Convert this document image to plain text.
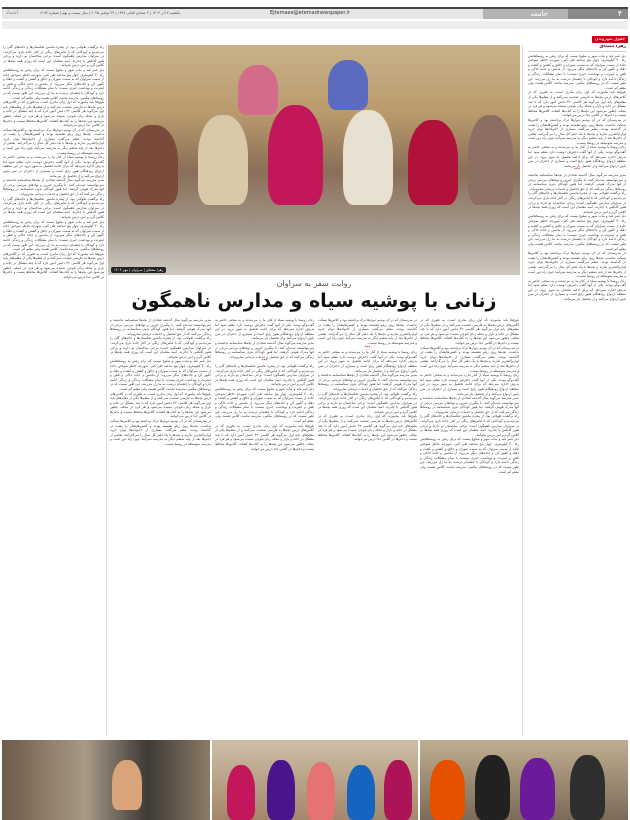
۴
جامعه
Ejtemaee@etemadnewspaper.ir
یکشنبه ۲ آذر ۱۴۰۴ | ۲ جمادی الثانی ۱۴۴۷ | ۲۳ نوامبر ۲۰۲۵ | سال بیست و نهم | شماره ۶۱۹۲
اعتماد
حقوق شهروندی
زهرا مشتاق

دبل قمر قند و نبات شهر و شلوغ نیست که برای رفتن به روستاهایش راه ۳۰ کیلومتری، چهار پنج ساعته طی کنی. شهرچه خاطر سوختن جاده از سمت سراوان که به سمت سوران و جالق و کشتن و کشت و دهک و کلپور کن و جاده‌های دیگر می‌رود. از ماشین و جاده خاکی و تلفن و اینترنت و بهداشت خبری نیست؛ با تمام مشکلات زندگی و زندگی ادامه دارد و کودکان با چشمان درشت به ما زل می‌زنند. این طور نیست که در روستاهای مکتبی، مدرسه نباشد، کلاس هست ولی معلم کم است.

بلوچ‌ها باید بیاموزند که اول زبان مادری است، به طوری که در کلاس‌های درس بچه‌ها به فارسی صحبت نمی‌کنند و از معلم‌ها یکی از معلم‌های پایه اول می‌گوید هر کلاسی ۳۲ دانش آموز دارد که با چند مشکل در خانه و بازار و محله زبان بلوچی شنیده می‌شود و هر فرد در محله، چطور می‌شود این بچه‌ها را به کتاب‌ها کشاند. کلاس‌ها مختلط نیست و دخترها در کلاس جدا درس می‌خوانند.

در مدرسه‌ای که در آن بودیم دیوارها ترک برداشته بود و کلاس‌ها نیمکت نداشت. بچه‌ها روی زیلو نشسته بودند و کفش‌هایشان را پشت در گذاشته بودند. معلم می‌گفت بسیاری از خانواده‌ها توان خرید لوازم‌التحریر ندارند و بچه‌ها با یک دفتر کل سال را می‌گذرانند. بعضی از دخترها بعد از پایه ششم دیگر به مدرسه نمی‌آیند چون راه دور است و مدرسه متوسطه در روستا نیست.

زنان روستا با پوشیه سیاه از کنار ما رد می‌شدند و به سختی حاضر به گفت‌وگو بودند. یکی از آنها گفت دخترش دوست دارد معلم شود اما پدرش اجازه نمی‌دهد که برای ادامه تحصیل به شهر برود. در این منطقه ازدواج زودهنگام هنوز رایج است و بسیاری از دختران در سن پایین ازدواج می‌کنند و از تحصیل باز می‌مانند.

***

مدیر مدرسه می‌گوید سال گذشته تعدادی از بچه‌ها شناسنامه نداشتند و نمی‌توانستند ثبت‌نام کنند. با پیگیری خیرین و نهادهای مردمی برخی از آنها مدرک هویتی گرفتند. اما هنوز کودکان بدون شناسنامه در روستاها زندگی می‌کنند که از حق تحصیل و خدمات درمانی محروم‌اند.

راه برگشت طولانی بود. از پنجره ماشین نخلستان‌ها و خانه‌های گلی را می‌دیدیم و کودکانی که با لباس‌های رنگی در کنار جاده بازی می‌کردند. در سراوان مدارس ناهمگون است؛ برخی ساختمان نو دارند و برخی هنوز کانکس یا چادرند. امید معلمان این است که روزی همه بچه‌ها در کلاس گرم و امن درس بخوانند.

دبل قمر قند و نبات شهر و شلوغ نیست که برای رفتن به روستاهایش راه ۳۰ کیلومتری، چهار پنج ساعته طی کنی. شهرچه خاطر سوختن جاده از سمت سراوان که به سمت سوران و جالق و کشتن و کشت و دهک و کلپور کن و جاده‌های دیگر می‌رود. از ماشین و جاده خاکی و تلفن و اینترنت و بهداشت خبری نیست؛ با تمام مشکلات زندگی و زندگی ادامه دارد و کودکان با چشمان درشت به ما زل می‌زنند. این طور نیست که در روستاهای مکتبی، مدرسه نباشد، کلاس هست ولی معلم کم است.

در مدرسه‌ای که در آن بودیم دیوارها ترک برداشته بود و کلاس‌ها نیمکت نداشت. بچه‌ها روی زیلو نشسته بودند و کفش‌هایشان را پشت در گذاشته بودند. معلم می‌گفت بسیاری از خانواده‌ها توان خرید لوازم‌التحریر ندارند و بچه‌ها با یک دفتر کل سال را می‌گذرانند. بعضی از دخترها بعد از پایه ششم دیگر به مدرسه نمی‌آیند چون راه دور است و مدرسه متوسطه در روستا نیست.

زنان روستا با پوشیه سیاه از کنار ما رد می‌شدند و به سختی حاضر به گفت‌وگو بودند. یکی از آنها گفت دخترش دوست دارد معلم شود اما پدرش اجازه نمی‌دهد که برای ادامه تحصیل به شهر برود. در این منطقه ازدواج زودهنگام هنوز رایج است و بسیاری از دختران در سن پایین ازدواج می‌کنند و از تحصیل باز می‌مانند.

زهرا مشتاق | سراوان | مهر ۱۴۰۴
روایت سفر به سراوان
زنانی با پوشیه سیاه و مدارس ناهمگون

بلوچ‌ها باید بیاموزند که اول زبان مادری است، به طوری که در کلاس‌های درس بچه‌ها به فارسی صحبت نمی‌کنند و از معلم‌ها یکی از معلم‌های پایه اول می‌گوید هر کلاسی ۳۲ دانش آموز دارد که با چند مشکل در خانه و بازار و محله زبان بلوچی شنیده می‌شود و هر فرد در محله، چطور می‌شود این بچه‌ها را به کتاب‌ها کشاند. کلاس‌ها مختلط نیست و دخترها در کلاس جدا درس می‌خوانند.

در مدرسه‌ای که در آن بودیم دیوارها ترک برداشته بود و کلاس‌ها نیمکت نداشت. بچه‌ها روی زیلو نشسته بودند و کفش‌هایشان را پشت در گذاشته بودند. معلم می‌گفت بسیاری از خانواده‌ها توان خرید لوازم‌التحریر ندارند و بچه‌ها با یک دفتر کل سال را می‌گذرانند. بعضی از دخترها بعد از پایه ششم دیگر به مدرسه نمی‌آیند چون راه دور است و مدرسه متوسطه در روستا نیست.

زنان روستا با پوشیه سیاه از کنار ما رد می‌شدند و به سختی حاضر به گفت‌وگو بودند. یکی از آنها گفت دخترش دوست دارد معلم شود اما پدرش اجازه نمی‌دهد که برای ادامه تحصیل به شهر برود. در این منطقه ازدواج زودهنگام هنوز رایج است و بسیاری از دختران در سن پایین ازدواج می‌کنند و از تحصیل باز می‌مانند.

مدیر مدرسه می‌گوید سال گذشته تعدادی از بچه‌ها شناسنامه نداشتند و نمی‌توانستند ثبت‌نام کنند. با پیگیری خیرین و نهادهای مردمی برخی از آنها مدرک هویتی گرفتند. اما هنوز کودکان بدون شناسنامه در روستاها زندگی می‌کنند که از حق تحصیل و خدمات درمانی محروم‌اند.

راه برگشت طولانی بود. از پنجره ماشین نخلستان‌ها و خانه‌های گلی را می‌دیدیم و کودکانی که با لباس‌های رنگی در کنار جاده بازی می‌کردند. در سراوان مدارس ناهمگون است؛ برخی ساختمان نو دارند و برخی هنوز کانکس یا چادرند. امید معلمان این است که روزی همه بچه‌ها در کلاس گرم و امن درس بخوانند.

دبل قمر قند و نبات شهر و شلوغ نیست که برای رفتن به روستاهایش راه ۳۰ کیلومتری، چهار پنج ساعته طی کنی. شهرچه خاطر سوختن جاده از سمت سراوان که به سمت سوران و جالق و کشتن و کشت و دهک و کلپور کن و جاده‌های دیگر می‌رود. از ماشین و جاده خاکی و تلفن و اینترنت و بهداشت خبری نیست؛ با تمام مشکلات زندگی و زندگی ادامه دارد و کودکان با چشمان درشت به ما زل می‌زنند. این طور نیست که در روستاهای مکتبی، مدرسه نباشد، کلاس هست ولی معلم کم است.

در مدرسه‌ای که در آن بودیم دیوارها ترک برداشته بود و کلاس‌ها نیمکت نداشت. بچه‌ها روی زیلو نشسته بودند و کفش‌هایشان را پشت در گذاشته بودند. معلم می‌گفت بسیاری از خانواده‌ها توان خرید لوازم‌التحریر ندارند و بچه‌ها با یک دفتر کل سال را می‌گذرانند. بعضی از دخترها بعد از پایه ششم دیگر به مدرسه نمی‌آیند چون راه دور است و مدرسه متوسطه در روستا نیست.

***

زنان روستا با پوشیه سیاه از کنار ما رد می‌شدند و به سختی حاضر به گفت‌وگو بودند. یکی از آنها گفت دخترش دوست دارد معلم شود اما پدرش اجازه نمی‌دهد که برای ادامه تحصیل به شهر برود. در این منطقه ازدواج زودهنگام هنوز رایج است و بسیاری از دختران در سن پایین ازدواج می‌کنند و از تحصیل باز می‌مانند.

مدیر مدرسه می‌گوید سال گذشته تعدادی از بچه‌ها شناسنامه نداشتند و نمی‌توانستند ثبت‌نام کنند. با پیگیری خیرین و نهادهای مردمی برخی از آنها مدرک هویتی گرفتند. اما هنوز کودکان بدون شناسنامه در روستاها زندگی می‌کنند که از حق تحصیل و خدمات درمانی محروم‌اند.

راه برگشت طولانی بود. از پنجره ماشین نخلستان‌ها و خانه‌های گلی را می‌دیدیم و کودکانی که با لباس‌های رنگی در کنار جاده بازی می‌کردند. در سراوان مدارس ناهمگون است؛ برخی ساختمان نو دارند و برخی هنوز کانکس یا چادرند. امید معلمان این است که روزی همه بچه‌ها در کلاس گرم و امن درس بخوانند.

بلوچ‌ها باید بیاموزند که اول زبان مادری است، به طوری که در کلاس‌های درس بچه‌ها به فارسی صحبت نمی‌کنند و از معلم‌ها یکی از معلم‌های پایه اول می‌گوید هر کلاسی ۳۲ دانش آموز دارد که با چند مشکل در خانه و بازار و محله زبان بلوچی شنیده می‌شود و هر فرد در محله، چطور می‌شود این بچه‌ها را به کتاب‌ها کشاند. کلاس‌ها مختلط نیست و دخترها در کلاس جدا درس می‌خوانند.

زنان روستا با پوشیه سیاه از کنار ما رد می‌شدند و به سختی حاضر به گفت‌وگو بودند. یکی از آنها گفت دخترش دوست دارد معلم شود اما پدرش اجازه نمی‌دهد که برای ادامه تحصیل به شهر برود. در این منطقه ازدواج زودهنگام هنوز رایج است و بسیاری از دختران در سن پایین ازدواج می‌کنند و از تحصیل باز می‌مانند.

مدیر مدرسه می‌گوید سال گذشته تعدادی از بچه‌ها شناسنامه نداشتند و نمی‌توانستند ثبت‌نام کنند. با پیگیری خیرین و نهادهای مردمی برخی از آنها مدرک هویتی گرفتند. اما هنوز کودکان بدون شناسنامه در روستاها زندگی می‌کنند که از حق تحصیل و خدمات درمانی محروم‌اند.

***

راه برگشت طولانی بود. از پنجره ماشین نخلستان‌ها و خانه‌های گلی را می‌دیدیم و کودکانی که با لباس‌های رنگی در کنار جاده بازی می‌کردند. در سراوان مدارس ناهمگون است؛ برخی ساختمان نو دارند و برخی هنوز کانکس یا چادرند. امید معلمان این است که روزی همه بچه‌ها در کلاس گرم و امن درس بخوانند.

دبل قمر قند و نبات شهر و شلوغ نیست که برای رفتن به روستاهایش راه ۳۰ کیلومتری، چهار پنج ساعته طی کنی. شهرچه خاطر سوختن جاده از سمت سراوان که به سمت سوران و جالق و کشتن و کشت و دهک و کلپور کن و جاده‌های دیگر می‌رود. از ماشین و جاده خاکی و تلفن و اینترنت و بهداشت خبری نیست؛ با تمام مشکلات زندگی و زندگی ادامه دارد و کودکان با چشمان درشت به ما زل می‌زنند. این طور نیست که در روستاهای مکتبی، مدرسه نباشد، کلاس هست ولی معلم کم است.

بلوچ‌ها باید بیاموزند که اول زبان مادری است، به طوری که در کلاس‌های درس بچه‌ها به فارسی صحبت نمی‌کنند و از معلم‌ها یکی از معلم‌های پایه اول می‌گوید هر کلاسی ۳۲ دانش آموز دارد که با چند مشکل در خانه و بازار و محله زبان بلوچی شنیده می‌شود و هر فرد در محله، چطور می‌شود این بچه‌ها را به کتاب‌ها کشاند. کلاس‌ها مختلط نیست و دخترها در کلاس جدا درس می‌خوانند.

مدیر مدرسه می‌گوید سال گذشته تعدادی از بچه‌ها شناسنامه نداشتند و نمی‌توانستند ثبت‌نام کنند. با پیگیری خیرین و نهادهای مردمی برخی از آنها مدرک هویتی گرفتند. اما هنوز کودکان بدون شناسنامه در روستاها زندگی می‌کنند که از حق تحصیل و خدمات درمانی محروم‌اند.

راه برگشت طولانی بود. از پنجره ماشین نخلستان‌ها و خانه‌های گلی را می‌دیدیم و کودکانی که با لباس‌های رنگی در کنار جاده بازی می‌کردند. در سراوان مدارس ناهمگون است؛ برخی ساختمان نو دارند و برخی هنوز کانکس یا چادرند. امید معلمان این است که روزی همه بچه‌ها در کلاس گرم و امن درس بخوانند.

دبل قمر قند و نبات شهر و شلوغ نیست که برای رفتن به روستاهایش راه ۳۰ کیلومتری، چهار پنج ساعته طی کنی. شهرچه خاطر سوختن جاده از سمت سراوان که به سمت سوران و جالق و کشتن و کشت و دهک و کلپور کن و جاده‌های دیگر می‌رود. از ماشین و جاده خاکی و تلفن و اینترنت و بهداشت خبری نیست؛ با تمام مشکلات زندگی و زندگی ادامه دارد و کودکان با چشمان درشت به ما زل می‌زنند. این طور نیست که در روستاهای مکتبی، مدرسه نباشد، کلاس هست ولی معلم کم است.

بلوچ‌ها باید بیاموزند که اول زبان مادری است، به طوری که در کلاس‌های درس بچه‌ها به فارسی صحبت نمی‌کنند و از معلم‌ها یکی از معلم‌های پایه اول می‌گوید هر کلاسی ۳۲ دانش آموز دارد که با چند مشکل در خانه و بازار و محله زبان بلوچی شنیده می‌شود و هر فرد در محله، چطور می‌شود این بچه‌ها را به کتاب‌ها کشاند. کلاس‌ها مختلط نیست و دخترها در کلاس جدا درس می‌خوانند.

در مدرسه‌ای که در آن بودیم دیوارها ترک برداشته بود و کلاس‌ها نیمکت نداشت. بچه‌ها روی زیلو نشسته بودند و کفش‌هایشان را پشت در گذاشته بودند. معلم می‌گفت بسیاری از خانواده‌ها توان خرید لوازم‌التحریر ندارند و بچه‌ها با یک دفتر کل سال را می‌گذرانند. بعضی از دخترها بعد از پایه ششم دیگر به مدرسه نمی‌آیند چون راه دور است و مدرسه متوسطه در روستا نیست.

راه برگشت طولانی بود. از پنجره ماشین نخلستان‌ها و خانه‌های گلی را می‌دیدیم و کودکانی که با لباس‌های رنگی در کنار جاده بازی می‌کردند. در سراوان مدارس ناهمگون است؛ برخی ساختمان نو دارند و برخی هنوز کانکس یا چادرند. امید معلمان این است که روزی همه بچه‌ها در کلاس گرم و امن درس بخوانند.

دبل قمر قند و نبات شهر و شلوغ نیست که برای رفتن به روستاهایش راه ۳۰ کیلومتری، چهار پنج ساعته طی کنی. شهرچه خاطر سوختن جاده از سمت سراوان که به سمت سوران و جالق و کشتن و کشت و دهک و کلپور کن و جاده‌های دیگر می‌رود. از ماشین و جاده خاکی و تلفن و اینترنت و بهداشت خبری نیست؛ با تمام مشکلات زندگی و زندگی ادامه دارد و کودکان با چشمان درشت به ما زل می‌زنند. این طور نیست که در روستاهای مکتبی، مدرسه نباشد، کلاس هست ولی معلم کم است.

بلوچ‌ها باید بیاموزند که اول زبان مادری است، به طوری که در کلاس‌های درس بچه‌ها به فارسی صحبت نمی‌کنند و از معلم‌ها یکی از معلم‌های پایه اول می‌گوید هر کلاسی ۳۲ دانش آموز دارد که با چند مشکل در خانه و بازار و محله زبان بلوچی شنیده می‌شود و هر فرد در محله، چطور می‌شود این بچه‌ها را به کتاب‌ها کشاند. کلاس‌ها مختلط نیست و دخترها در کلاس جدا درس می‌خوانند.

در مدرسه‌ای که در آن بودیم دیوارها ترک برداشته بود و کلاس‌ها نیمکت نداشت. بچه‌ها روی زیلو نشسته بودند و کفش‌هایشان را پشت در گذاشته بودند. معلم می‌گفت بسیاری از خانواده‌ها توان خرید لوازم‌التحریر ندارند و بچه‌ها با یک دفتر کل سال را می‌گذرانند. بعضی از دخترها بعد از پایه ششم دیگر به مدرسه نمی‌آیند چون راه دور است و مدرسه متوسطه در روستا نیست.

زنان روستا با پوشیه سیاه از کنار ما رد می‌شدند و به سختی حاضر به گفت‌وگو بودند. یکی از آنها گفت دخترش دوست دارد معلم شود اما پدرش اجازه نمی‌دهد که برای ادامه تحصیل به شهر برود. در این منطقه ازدواج زودهنگام هنوز رایج است و بسیاری از دختران در سن پایین ازدواج می‌کنند و از تحصیل باز می‌مانند.

مدیر مدرسه می‌گوید سال گذشته تعدادی از بچه‌ها شناسنامه نداشتند و نمی‌توانستند ثبت‌نام کنند. با پیگیری خیرین و نهادهای مردمی برخی از آنها مدرک هویتی گرفتند. اما هنوز کودکان بدون شناسنامه در روستاها زندگی می‌کنند که از حق تحصیل و خدمات درمانی محروم‌اند.

راه برگشت طولانی بود. از پنجره ماشین نخلستان‌ها و خانه‌های گلی را می‌دیدیم و کودکانی که با لباس‌های رنگی در کنار جاده بازی می‌کردند. در سراوان مدارس ناهمگون است؛ برخی ساختمان نو دارند و برخی هنوز کانکس یا چادرند. امید معلمان این است که روزی همه بچه‌ها در کلاس گرم و امن درس بخوانند.

دبل قمر قند و نبات شهر و شلوغ نیست که برای رفتن به روستاهایش راه ۳۰ کیلومتری، چهار پنج ساعته طی کنی. شهرچه خاطر سوختن جاده از سمت سراوان که به سمت سوران و جالق و کشتن و کشت و دهک و کلپور کن و جاده‌های دیگر می‌رود. از ماشین و جاده خاکی و تلفن و اینترنت و بهداشت خبری نیست؛ با تمام مشکلات زندگی و زندگی ادامه دارد و کودکان با چشمان درشت به ما زل می‌زنند. این طور نیست که در روستاهای مکتبی، مدرسه نباشد، کلاس هست ولی معلم کم است.

بلوچ‌ها باید بیاموزند که اول زبان مادری است، به طوری که در کلاس‌های درس بچه‌ها به فارسی صحبت نمی‌کنند و از معلم‌ها یکی از معلم‌های پایه اول می‌گوید هر کلاسی ۳۲ دانش آموز دارد که با چند مشکل در خانه و بازار و محله زبان بلوچی شنیده می‌شود و هر فرد در محله، چطور می‌شود این بچه‌ها را به کتاب‌ها کشاند. کلاس‌ها مختلط نیست و دخترها در کلاس جدا درس می‌خوانند.
